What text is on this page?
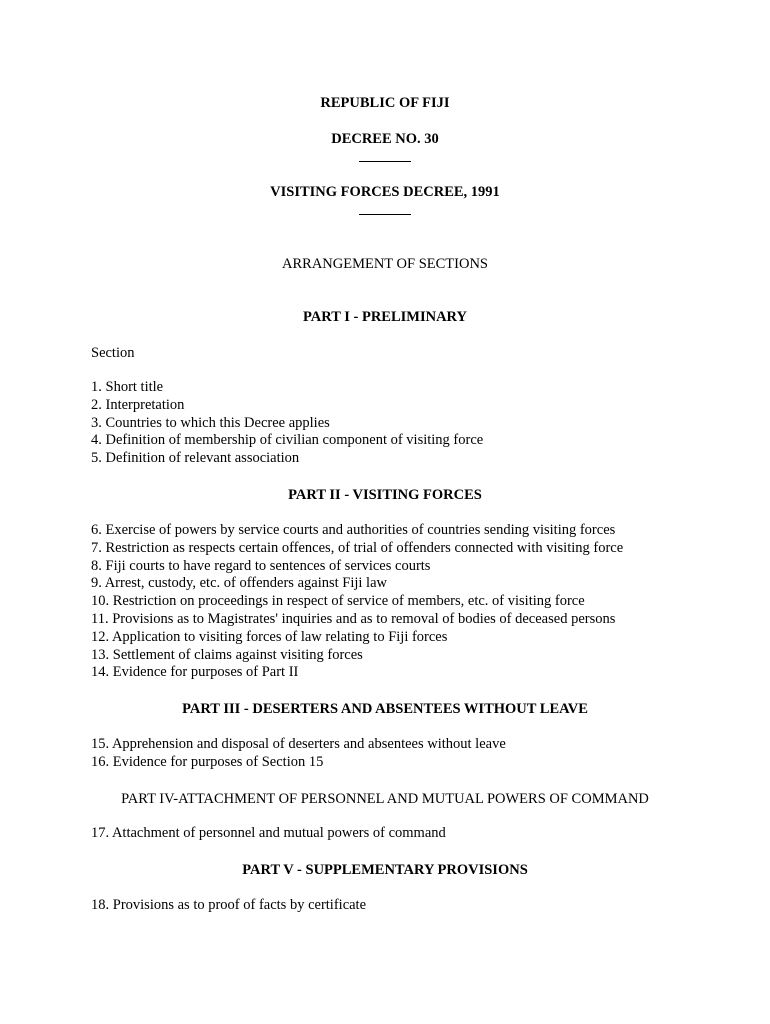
REPUBLIC OF FIJI
DECREE NO. 30
VISITING FORCES DECREE, 1991
ARRANGEMENT OF SECTIONS
PART I - PRELIMINARY
Section
1. Short title
2. Interpretation
3. Countries to which this Decree applies
4. Definition of membership of civilian component of visiting force
5. Definition of relevant association
PART II - VISITING FORCES
6. Exercise of powers by service courts and authorities of countries sending visiting forces
7. Restriction as respects certain offences, of trial of offenders connected with visiting force
8. Fiji courts to have regard to sentences of services courts
9. Arrest, custody, etc. of offenders against Fiji law
10. Restriction on proceedings in respect of service of members, etc. of visiting force
11. Provisions as to Magistrates' inquiries and as to removal of bodies of deceased persons
12. Application to visiting forces of law relating to Fiji forces
13. Settlement of claims against visiting forces
14. Evidence for purposes of Part II
PART III - DESERTERS AND ABSENTEES WITHOUT LEAVE
15. Apprehension and disposal of deserters and absentees without leave
16. Evidence for purposes of Section 15
PART IV-ATTACHMENT OF PERSONNEL AND MUTUAL POWERS OF COMMAND
17. Attachment of personnel and mutual powers of command
PART V - SUPPLEMENTARY PROVISIONS
18. Provisions as to proof of facts by certificate
